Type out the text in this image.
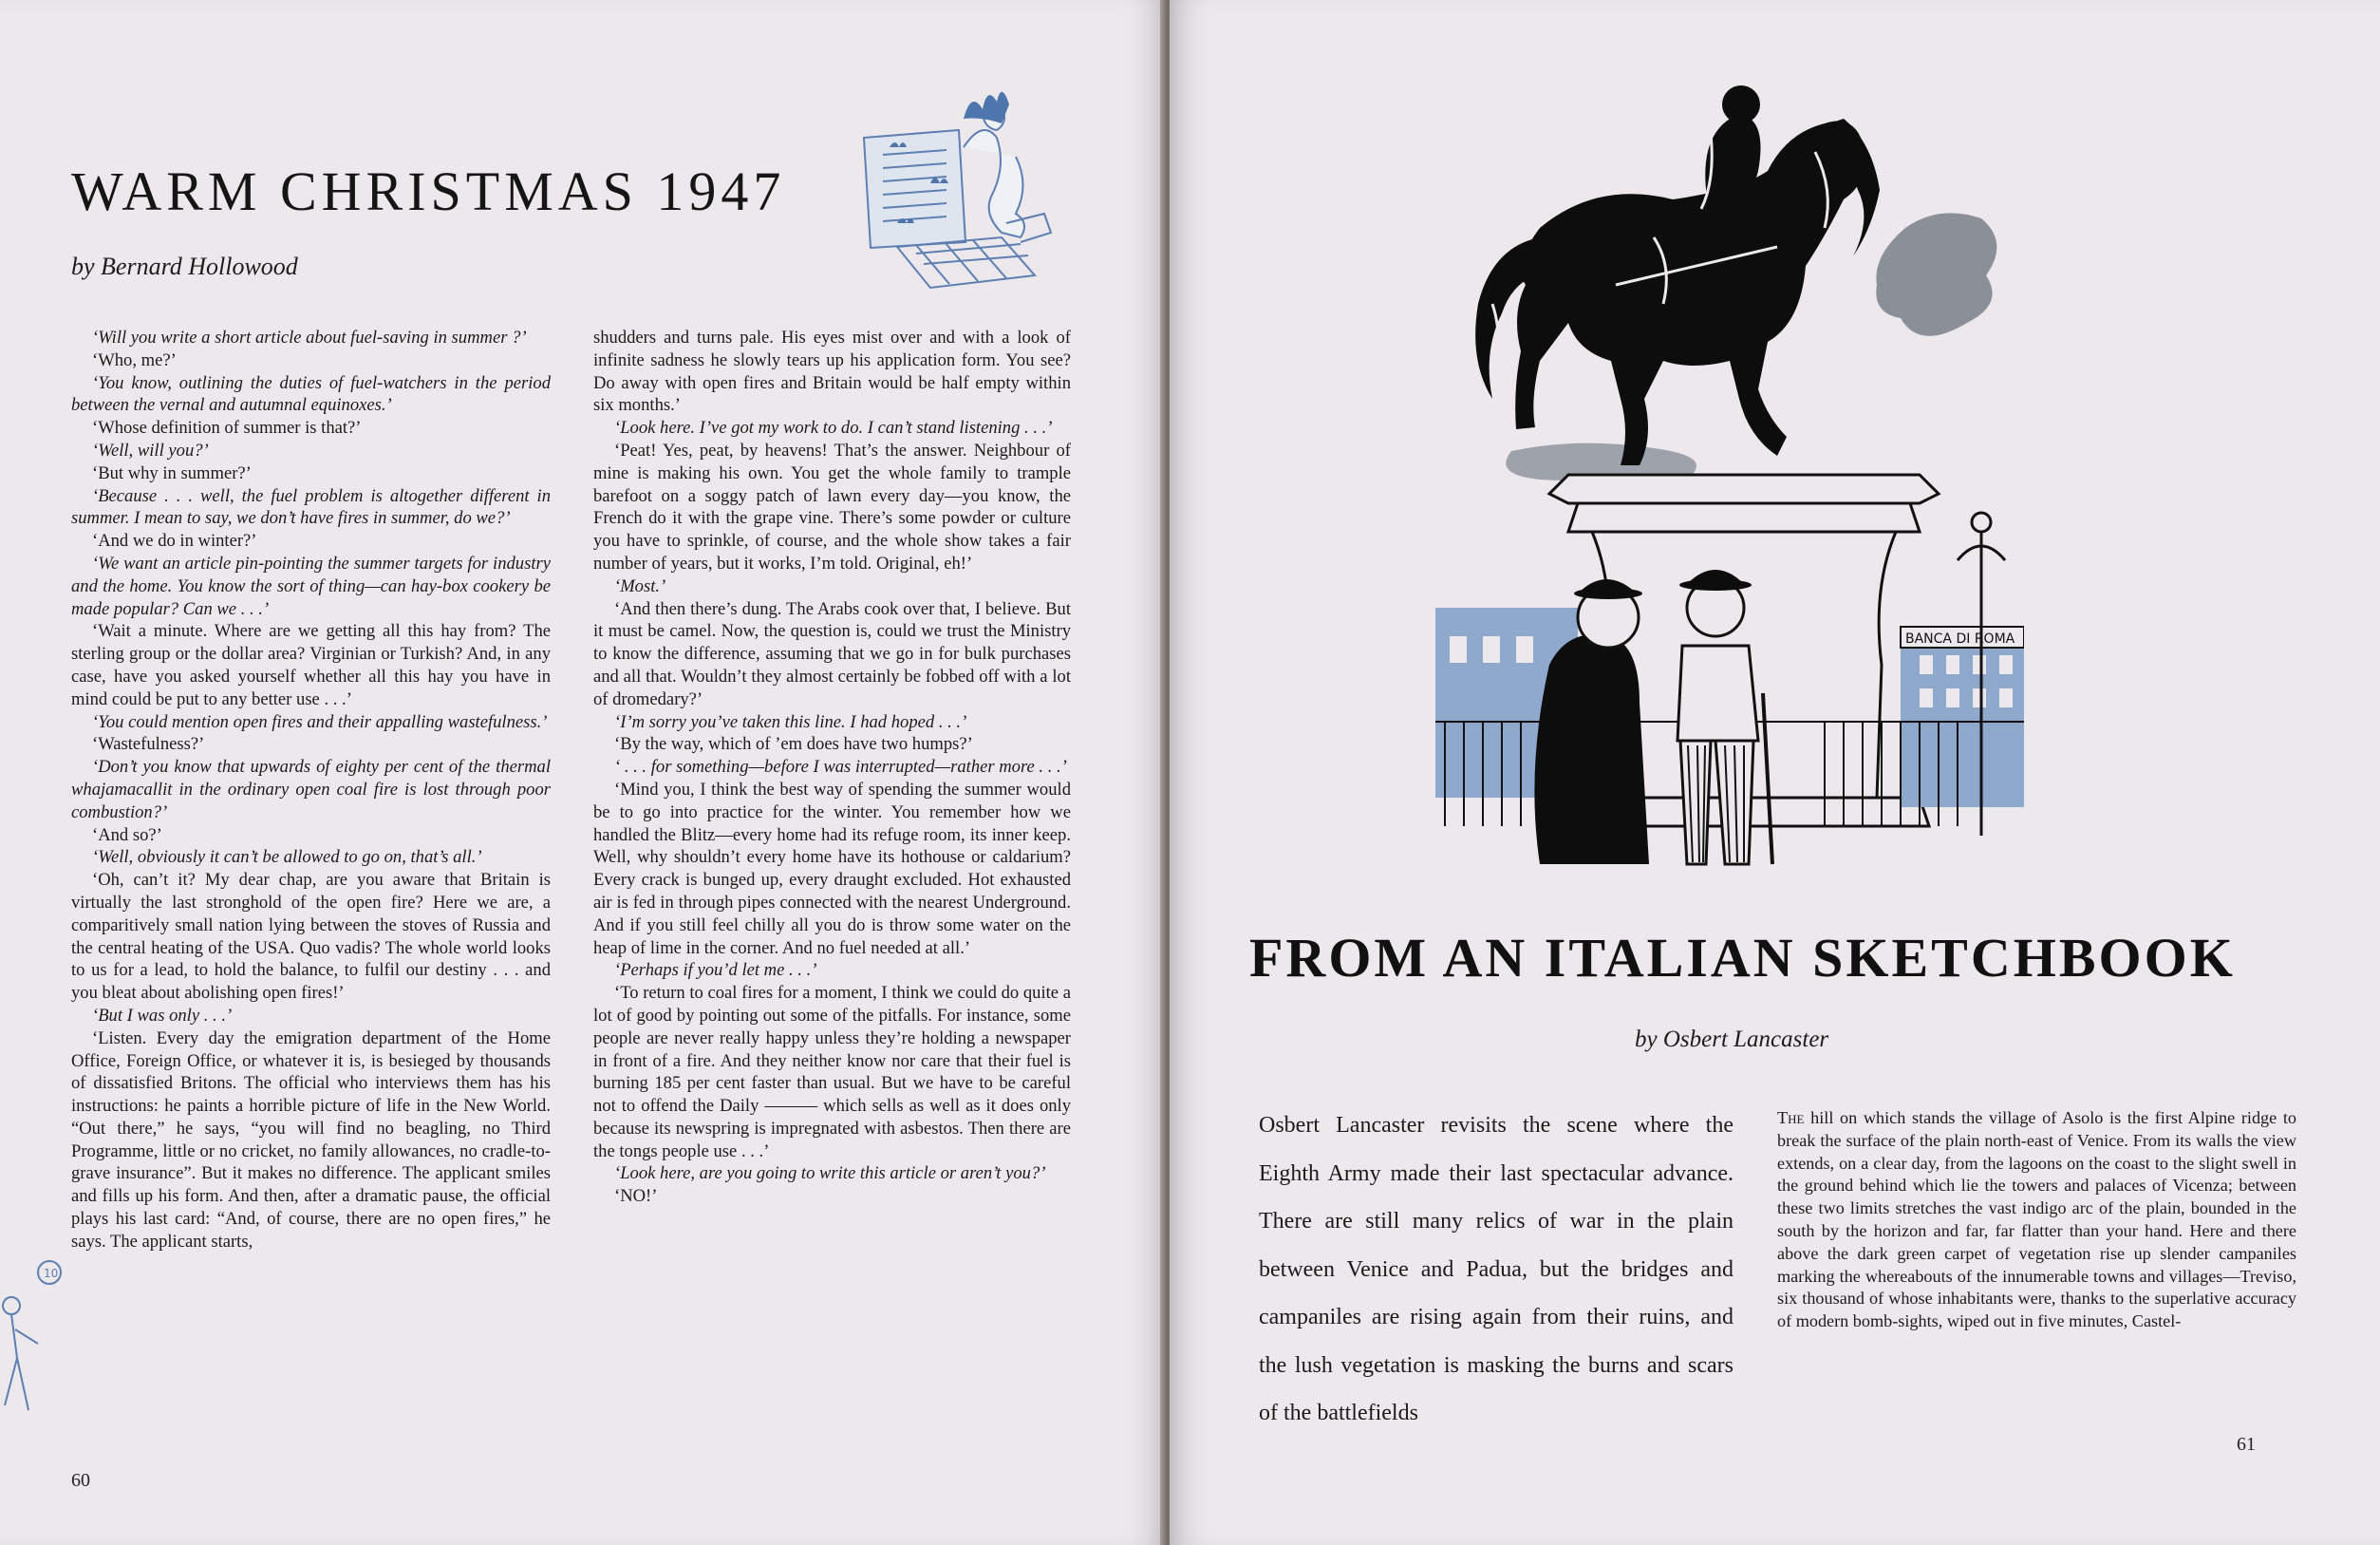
WARM CHRISTMAS 1947

by Bernard Hollowood

‘Will you write a short article about fuel-saving in summer ?’

‘Who, me?’

‘You know, outlining the duties of fuel-watchers in the period between the vernal and autumnal equinoxes.’

‘Whose definition of summer is that?’

‘Well, will you?’

‘But why in summer?’

‘Because . . . well, the fuel problem is altogether different in summer. I mean to say, we don’t have fires in summer, do we?’

‘And we do in winter?’

‘We want an article pin-pointing the summer targets for industry and the home. You know the sort of thing—can hay-box cookery be made popular? Can we . . .’

‘Wait a minute. Where are we getting all this hay from? The sterling group or the dollar area? Virginian or Turkish? And, in any case, have you asked yourself whether all this hay you have in mind could be put to any better use . . .’

‘You could mention open fires and their appalling wastefulness.’

‘Wastefulness?’

‘Don’t you know that upwards of eighty per cent of the thermal whajamacallit in the ordinary open coal fire is lost through poor combustion?’

‘And so?’

‘Well, obviously it can’t be allowed to go on, that’s all.’

‘Oh, can’t it? My dear chap, are you aware that Britain is virtually the last stronghold of the open fire? Here we are, a comparitively small nation lying between the stoves of Russia and the central heating of the USA. Quo vadis? The whole world looks to us for a lead, to hold the balance, to fulfil our destiny . . . and you bleat about abolishing open fires!’

‘But I was only . . .’

‘Listen. Every day the emigration department of the Home Office, Foreign Office, or whatever it is, is besieged by thousands of dissatisfied Britons. The official who interviews them has his instructions: he paints a horrible picture of life in the New World. “Out there,” he says, “you will find no beagling, no Third Programme, little or no cricket, no family allowances, no cradle-to-grave insurance”. But it makes no difference. The applicant smiles and fills up his form. And then, after a dramatic pause, the official plays his last card: “And, of course, there are no open fires,” he says. The applicant starts,

shudders and turns pale. His eyes mist over and with a look of infinite sadness he slowly tears up his application form. You see? Do away with open fires and Britain would be half empty within six months.’

‘Look here. I’ve got my work to do. I can’t stand listening . . .’

‘Peat! Yes, peat, by heavens! That’s the answer. Neighbour of mine is making his own. You get the whole family to trample barefoot on a soggy patch of lawn every day—you know, the French do it with the grape vine. There’s some powder or culture you have to sprinkle, of course, and the whole show takes a fair number of years, but it works, I’m told. Original, eh!’

‘Most.’

‘And then there’s dung. The Arabs cook over that, I believe. But it must be camel. Now, the question is, could we trust the Ministry to know the difference, assuming that we go in for bulk purchases and all that. Wouldn’t they almost certainly be fobbed off with a lot of dromedary?’

‘I’m sorry you’ve taken this line. I had hoped . . .’

‘By the way, which of ’em does have two humps?’

‘ . . . for something—before I was interrupted—rather more . . .’

‘Mind you, I think the best way of spending the summer would be to go into practice for the winter. You remember how we handled the Blitz—every home had its refuge room, its inner keep. Well, why shouldn’t every home have its hothouse or caldarium? Every crack is bunged up, every draught excluded. Hot exhausted air is fed in through pipes connected with the nearest Underground. And if you still feel chilly all you do is throw some water on the heap of lime in the corner. And no fuel needed at all.’

‘Perhaps if you’d let me . . .’

‘To return to coal fires for a moment, I think we could do quite a lot of good by pointing out some of the pitfalls. For instance, some people are never really happy unless they’re holding a newspaper in front of a fire. And they neither know nor care that their fuel is burning 185 per cent faster than usual. But we have to be careful not to offend the Daily ——— which sells as well as it does only because its newspring is impregnated with asbestos. Then there are the tongs people use . . .’

‘Look here, are you going to write this article or aren’t you?’

‘NO!’

10
60
BANCA DI ROMA
FROM AN ITALIAN SKETCHBOOK

by Osbert Lancaster

Osbert Lancaster revisits the scene where the Eighth Army made their last spectacular advance. There are still many relics of war in the plain between Venice and Padua, but the bridges and campaniles are rising again from their ruins, and the lush vegetation is masking the burns and scars of the battlefields

The hill on which stands the village of Asolo is the first Alpine ridge to break the surface of the plain north-east of Venice. From its walls the view extends, on a clear day, from the lagoons on the coast to the slight swell in the ground behind which lie the towers and palaces of Vicenza; between these two limits stretches the vast indigo arc of the plain, bounded in the south by the horizon and far, far flatter than your hand. Here and there above the dark green carpet of vegetation rise up slender campaniles marking the whereabouts of the innumerable towns and villages—Treviso, six thousand of whose inhabitants were, thanks to the superlative accuracy of modern bomb-sights, wiped out in five minutes, Castel-

61
